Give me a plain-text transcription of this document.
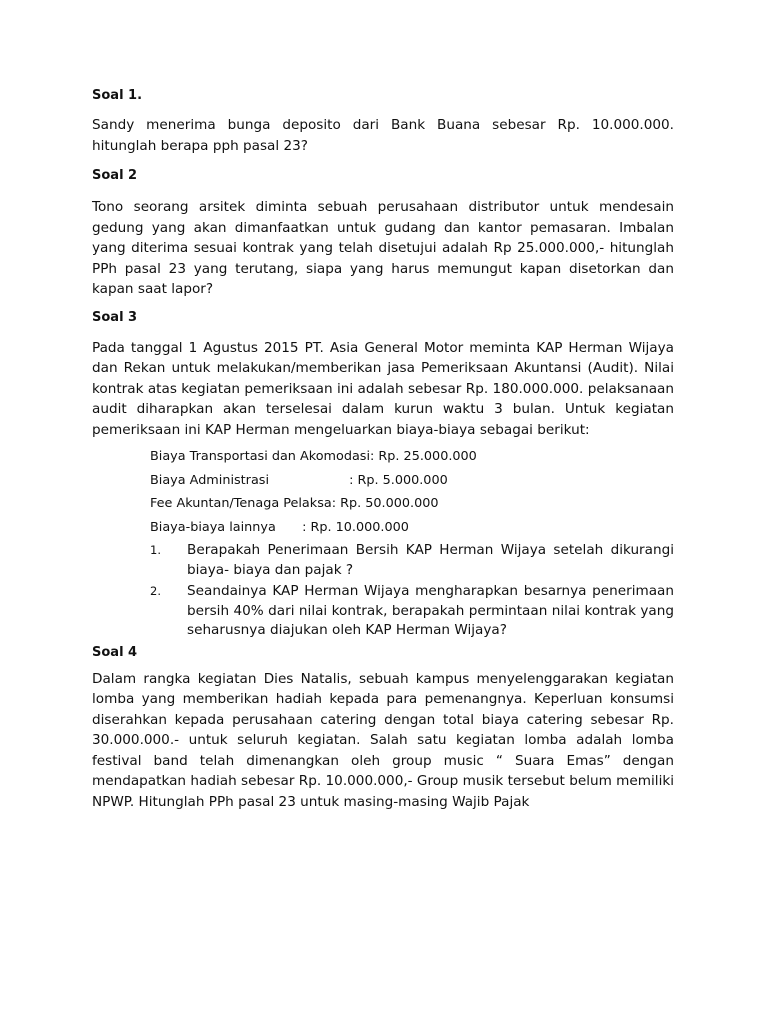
Soal 1.

Sandy menerima bunga deposito dari Bank Buana sebesar Rp. 10.000.000. hitunglah berapa pph pasal 23?

Soal 2

Tono seorang arsitek diminta sebuah perusahaan distributor untuk mendesain gedung yang akan dimanfaatkan untuk gudang dan kantor pemasaran. Imbalan yang diterima sesuai kontrak yang telah disetujui adalah Rp 25.000.000,- hitunglah PPh pasal 23 yang terutang, siapa yang harus memungut kapan disetorkan dan kapan saat lapor?

Soal 3

Pada tanggal 1 Agustus 2015 PT. Asia General Motor meminta KAP Herman Wijaya dan Rekan untuk melakukan/memberikan jasa Pemeriksaan Akuntansi (Audit). Nilai kontrak atas kegiatan pemeriksaan ini adalah sebesar Rp. 180.000.000. pelaksanaan audit diharapkan akan terselesai dalam kurun waktu 3 bulan. Untuk kegiatan pemeriksaan ini KAP Herman mengeluarkan biaya-biaya sebagai berikut:

Biaya Transportasi dan Akomodasi: Rp. 25.000.000
Biaya Administrasi	: Rp. 5.000.000
Fee Akuntan/Tenaga Pelaksa: Rp. 50.000.000
Biaya-biaya lainnya : Rp. 10.000.000
1. Berapakah Penerimaan Bersih KAP Herman Wijaya setelah dikurangi biaya- biaya dan pajak ?
2. Seandainya KAP Herman Wijaya mengharapkan besarnya penerimaan bersih 40% dari nilai kontrak, berapakah permintaan nilai kontrak yang seharusnya diajukan oleh KAP Herman Wijaya?

Soal 4

Dalam rangka kegiatan Dies Natalis, sebuah kampus menyelenggarakan kegiatan lomba yang memberikan hadiah kepada para pemenangnya. Keperluan konsumsi diserahkan kepada perusahaan catering dengan total biaya catering sebesar Rp. 30.000.000.- untuk seluruh kegiatan. Salah satu kegiatan lomba adalah lomba festival band telah dimenangkan oleh group music “ Suara Emas” dengan mendapatkan hadiah sebesar Rp. 10.000.000,- Group musik tersebut belum memiliki NPWP. Hitunglah PPh pasal 23 untuk masing-masing Wajib Pajak
